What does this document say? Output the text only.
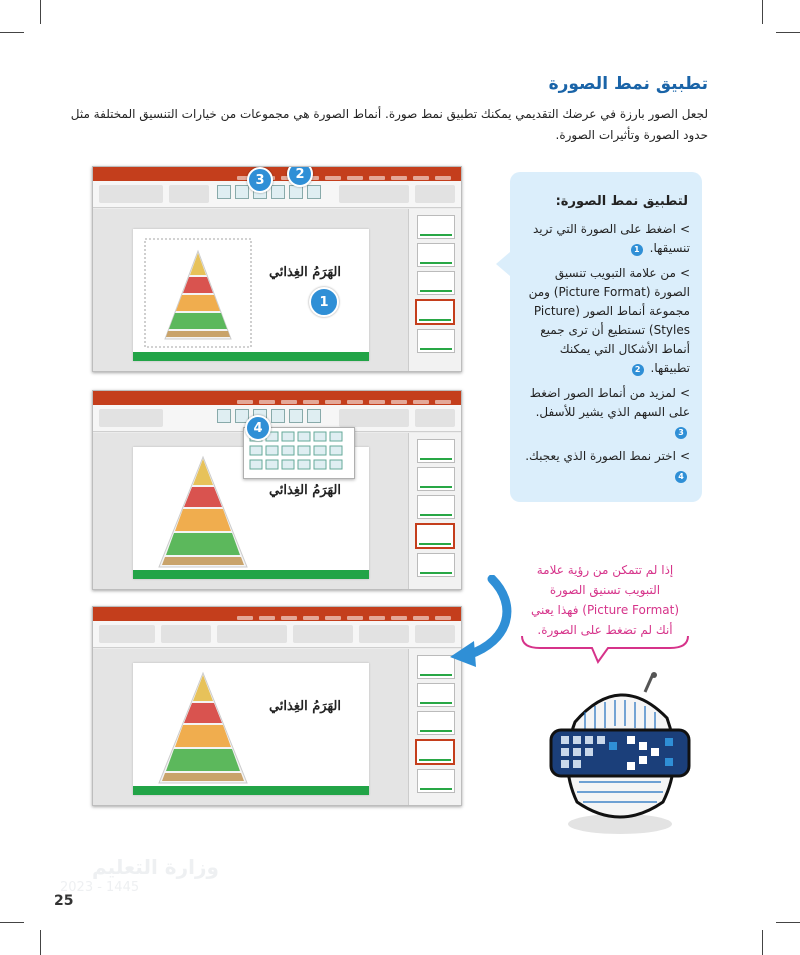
تطبيق نمط الصورة
لجعل الصور بارزة في عرضك التقديمي يمكنك تطبيق نمط صورة. أنماط الصورة هي مجموعات من خيارات التنسيق المختلفة مثل حدود الصورة وتأثيرات الصورة.
الهَرَمُ الغِذائي
3	2
1
الهَرَمُ الغِذائي
4
الهَرَمُ الغِذائي
لتطبيق نمط الصورة:
>اضغط على الصورة التي تريد تنسيقها. 1
>من علامة التبويب تنسيق الصورة (Picture Format) ومن مجموعة أنماط الصور (Picture Styles) تستطيع أن ترى جميع أنماط الأشكال التي يمكنك تطبيقها. 2
>لمزيد من أنماط الصور اضغط على السهم الذي يشير للأسفل. 3
>اختر نمط الصورة الذي يعجبك. 4
إذا لم تتمكن من رؤية علامة التبويب تسنيق الصورة (Picture Format) فهذا يعني أنك لم تضغط على الصورة.
وزارة التعليم
2023 - 1445
25
